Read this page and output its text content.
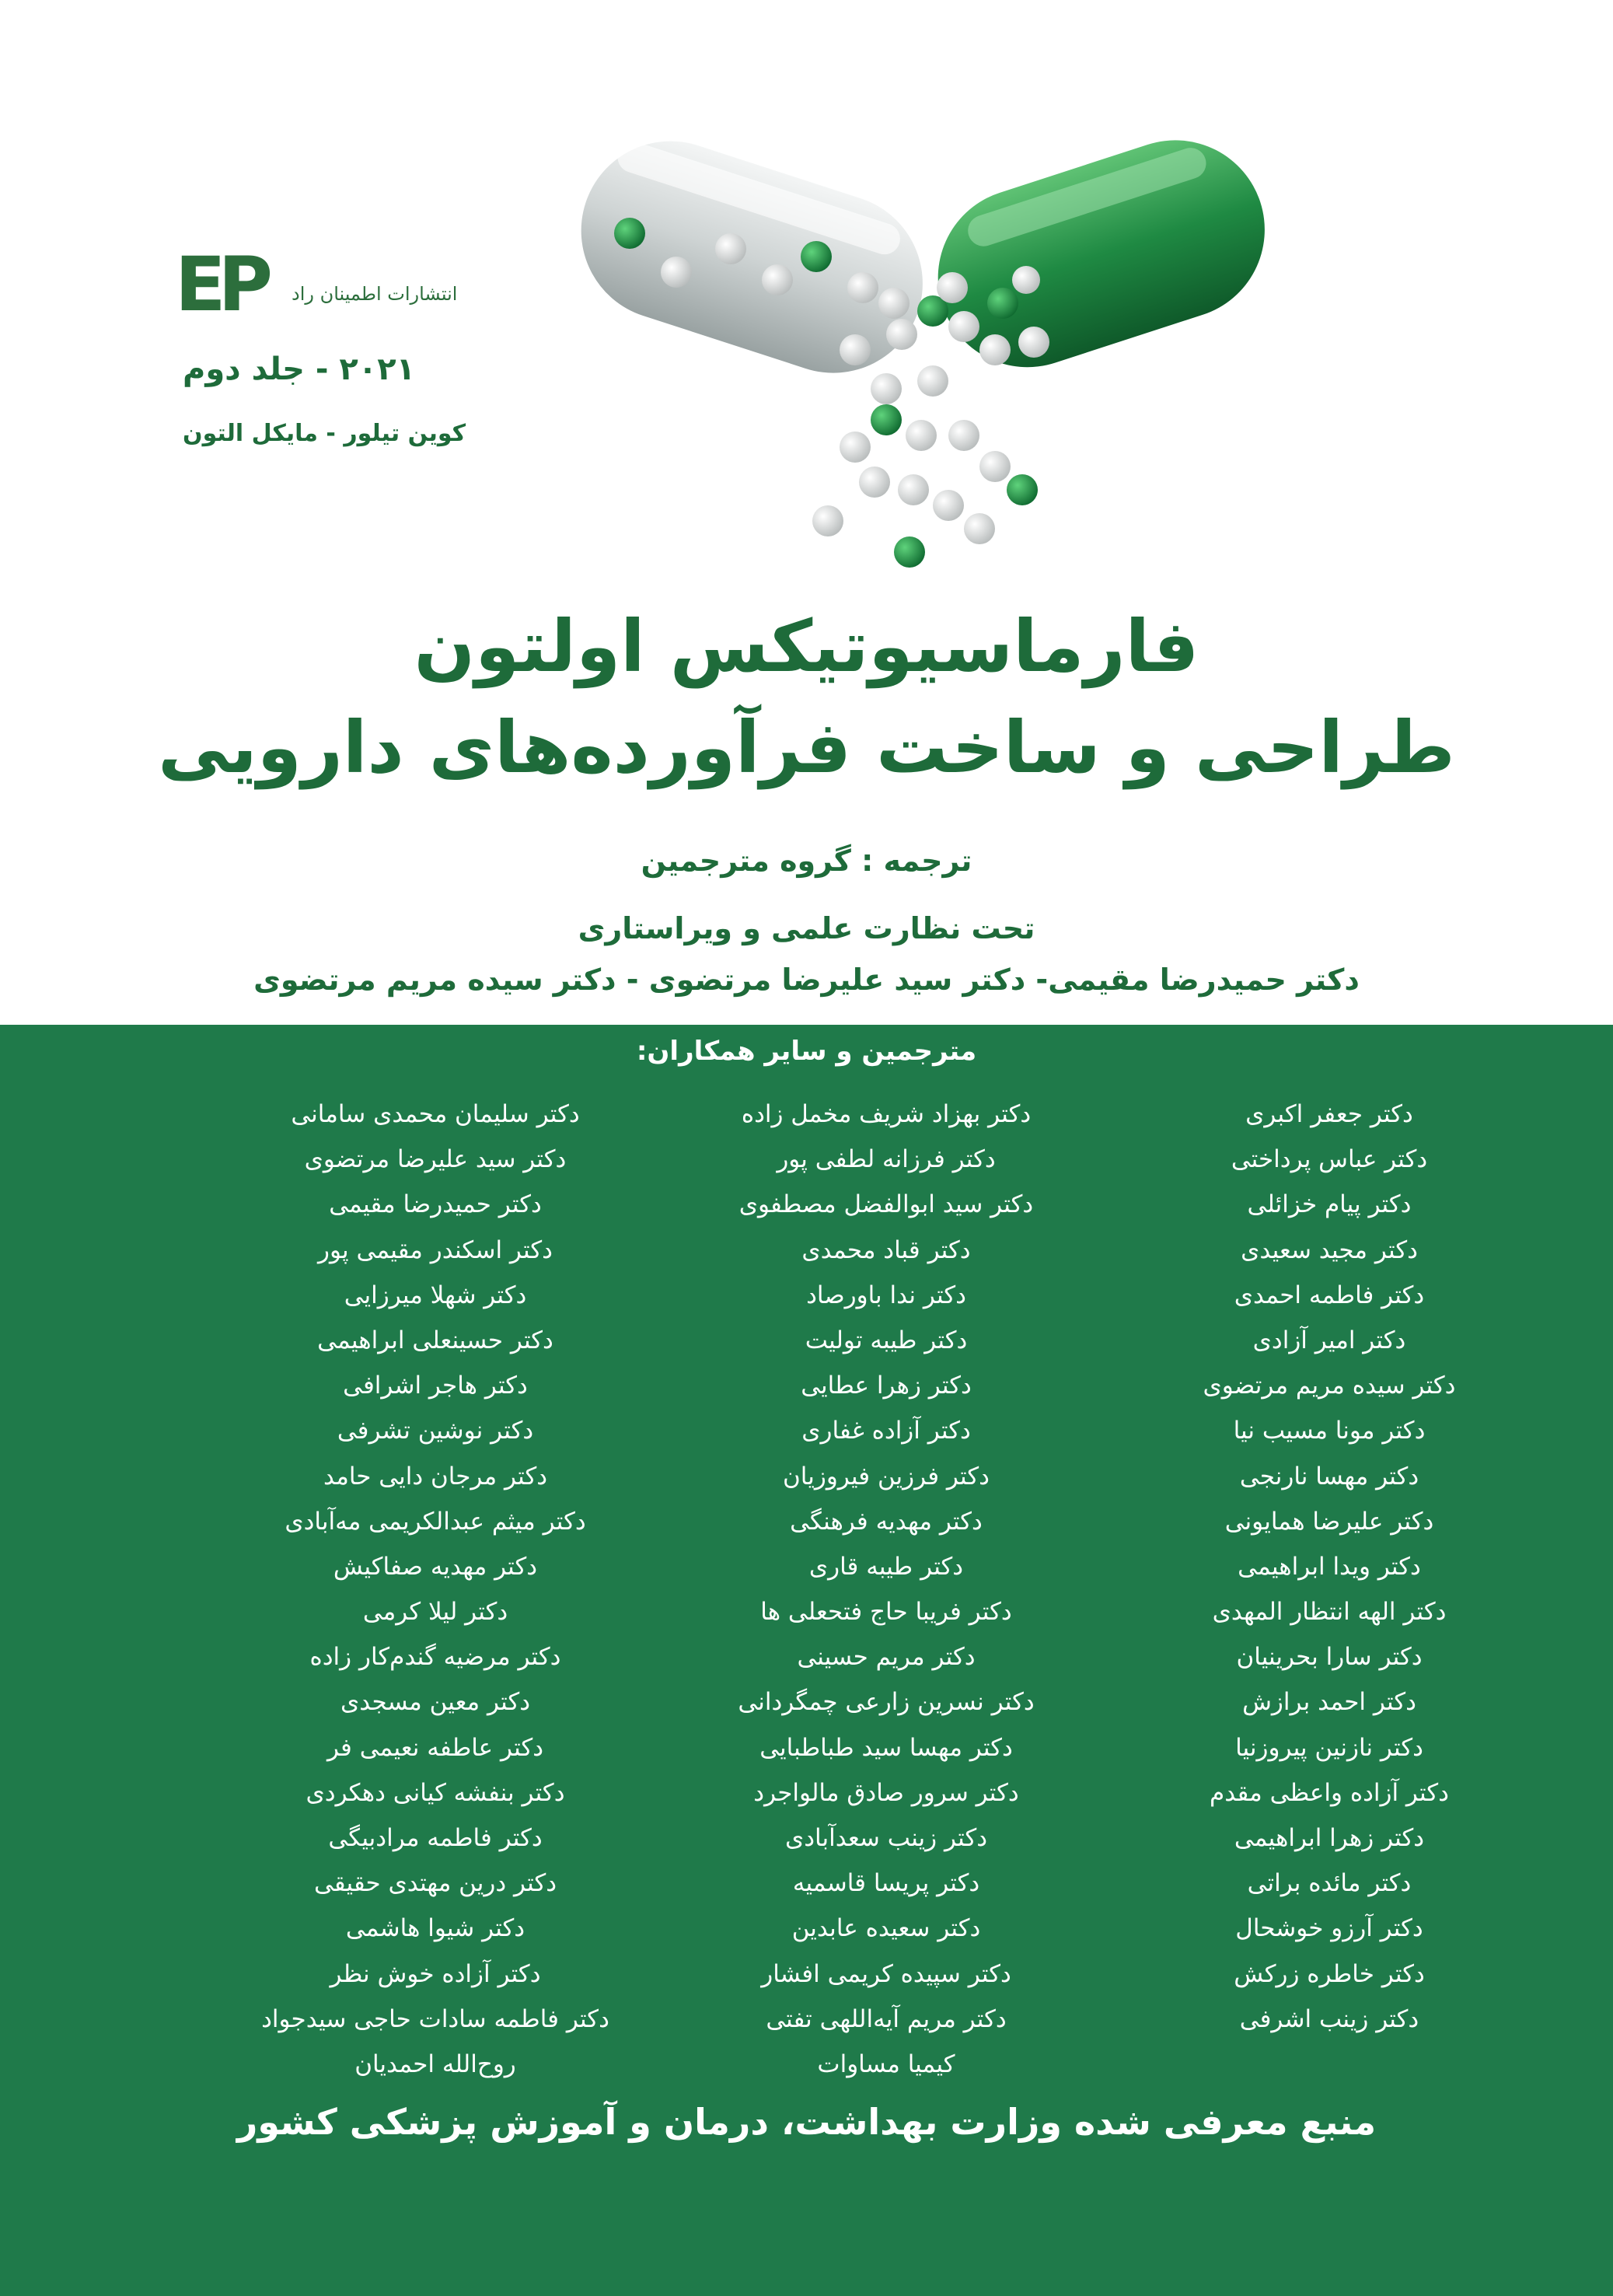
EP انتشارات اطمینان راد
۲۰۲۱ - جلد دوم
کوین تیلور - مایکل التون
فارماسیوتیکس اولتون
طراحی و ساخت فرآورده‌های دارویی
ترجمه : گروه مترجمین
تحت نظارت علمی و ویراستاری
دکتر حمیدرضا مقیمی- دکتر سید علیرضا مرتضوی - دکتر سیده مریم مرتضوی
مترجمین و سایر همکاران:
دکتر جعفر اکبری
دکتر عباس پرداختی
دکتر پیام خزائلی
دکتر مجید سعیدی
دکتر فاطمه احمدی
دکتر امیر آزادی
دکتر سیده مریم مرتضوی
دکتر مونا مسیب نیا
دکتر مهسا نارنجی
دکتر علیرضا همایونی
دکتر ویدا ابراهیمی
دکتر الهه انتظار المهدی
دکتر سارا بحرینیان
دکتر احمد برازش
دکتر نازنین پیروزنیا
دکتر آزاده واعظی مقدم
دکتر زهرا ابراهیمی
دکتر مائده براتی
دکتر آرزو خوشحال
دکتر خاطره زرکش
دکتر زینب اشرفی
دکتر بهزاد شریف مخمل زاده
دکتر فرزانه لطفی پور
دکتر سید ابوالفضل مصطفوی
دکتر قباد محمدی
دکتر ندا باورصاد
دکتر طیبه تولیت
دکتر زهرا عطایی
دکتر آزاده غفاری
دکتر فرزین فیروزیان
دکتر مهدیه فرهنگی
دکتر طیبه قاری
دکتر فریبا حاج فتحعلی ها
دکتر مریم حسینی
دکتر نسرین زارعی چمگردانی
دکتر مهسا سید طباطبایی
دکتر سرور صادق مالواجرد
دکتر زینب سعدآبادی
دکتر پریسا قاسمیه
دکتر سعیده عابدین
دکتر سپیده کریمی افشار
دکتر مریم آیه‌اللهی تفتی
کیمیا مساوات
دکتر سلیمان محمدی سامانی
دکتر سید علیرضا مرتضوی
دکتر حمیدرضا مقیمی
دکتر اسکندر مقیمی پور
دکتر شهلا میرزایی
دکتر حسینعلی ابراهیمی
دکتر هاجر اشرافی
دکتر نوشین تشرفی
دکتر مرجان دایی حامد
دکتر میثم عبدالکریمی مه‌آبادی
دکتر مهدیه صفاکیش
دکتر لیلا کرمی
دکتر مرضیه گندم‌کار زاده
دکتر معین مسجدی
دکتر عاطفه نعیمی فر
دکتر بنفشه کیانی دهکردی
دکتر فاطمه مرادبیگی
دکتر درین مهتدی حقیقی
دکتر شیوا هاشمی
دکتر آزاده خوش نظر
دکتر فاطمه سادات حاجی سیدجواد
روح‌الله احمدیان
منبع معرفی شده وزارت بهداشت، درمان و آموزش پزشکی کشور
